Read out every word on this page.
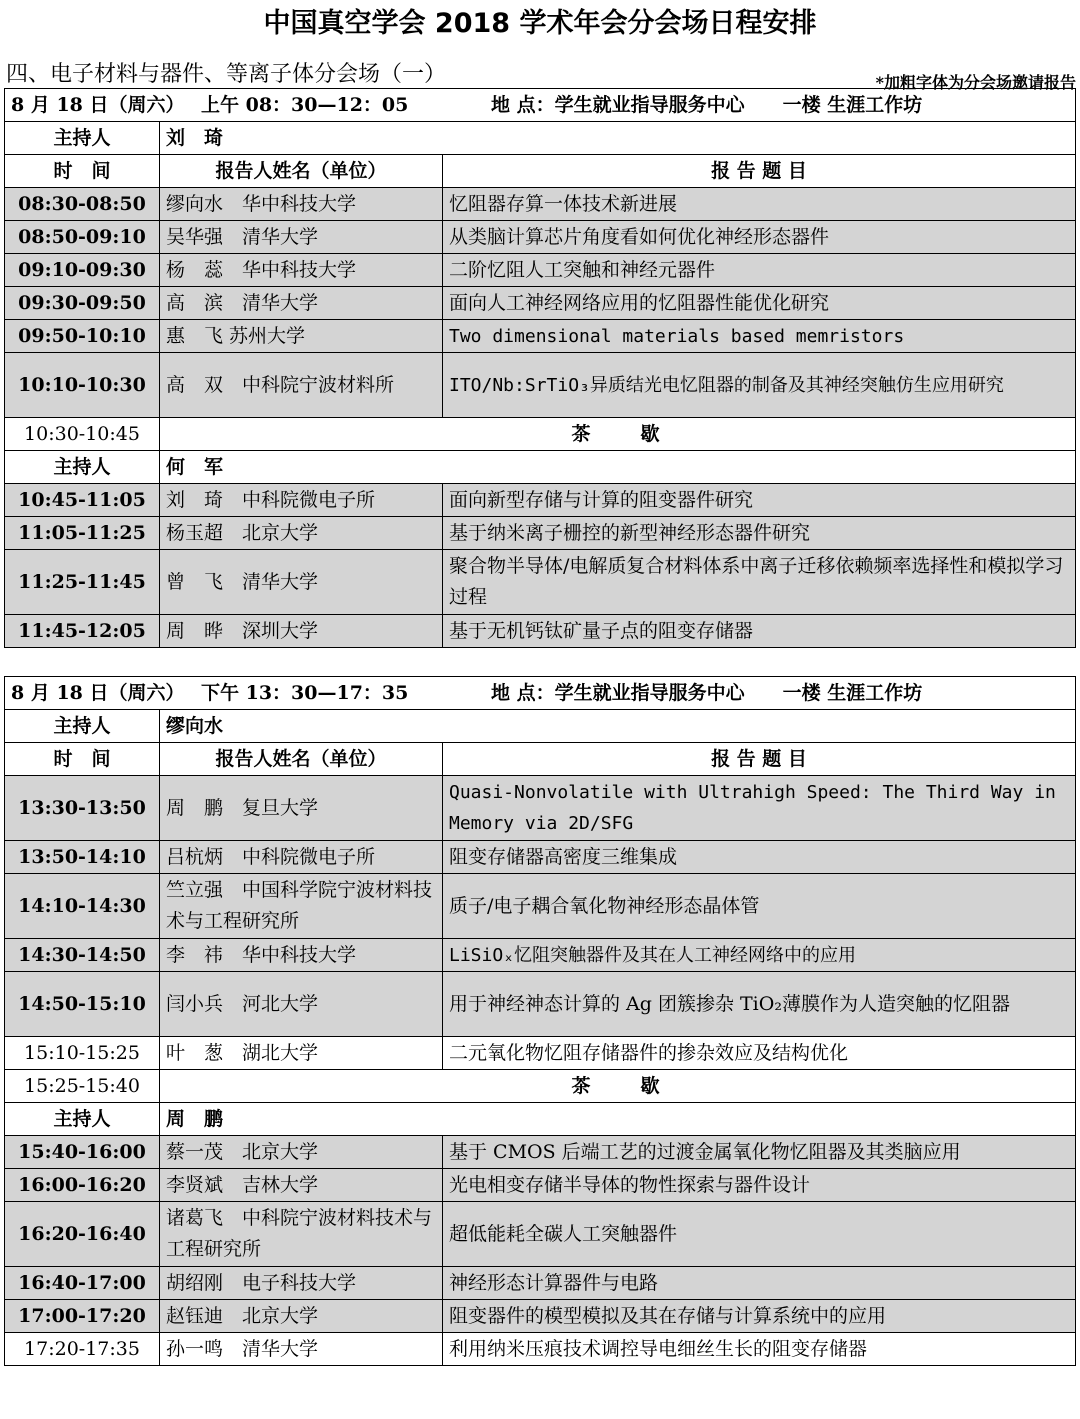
中国真空学会 2018 学术年会分会场日程安排
四、电子材料与器件、等离子体分会场（一）	*加粗字体为分会场邀请报告
8 月 18 日（周六） 上午 08：30—12：05 地 点：学生就业指导服务中心　　一楼 生涯工作坊		
主持人	刘　琦	
时　间	报告人姓名（单位）	报 告 题 目
08:30-08:50	缪向水　华中科技大学	忆阻器存算一体技术新进展
08:50-09:10	吴华强　清华大学	从类脑计算芯片角度看如何优化神经形态器件
09:10-09:30	杨　蕊　华中科技大学	二阶忆阻人工突触和神经元器件
09:30-09:50	高　滨　清华大学	面向人工神经网络应用的忆阻器性能优化研究
09:50-10:10	惠　飞 苏州大学	Two dimensional materials based memristors
10:10-10:30	高　双　中科院宁波材料所	ITO/Nb:SrTiO₃异质结光电忆阻器的制备及其神经突触仿生应用研究
10:30-10:45	茶　　歇	
主持人	何　军	
10:45-11:05	刘　琦　中科院微电子所	面向新型存储与计算的阻变器件研究
11:05-11:25	杨玉超　北京大学	基于纳米离子栅控的新型神经形态器件研究
11:25-11:45	曾　飞　清华大学	聚合物半导体/电解质复合材料体系中离子迁移依赖频率选择性和模拟学习过程
11:45-12:05	周　晔　深圳大学	基于无机钙钛矿量子点的阻变存储器
8 月 18 日（周六） 下午 13：30—17：35 地 点：学生就业指导服务中心　　一楼 生涯工作坊		
主持人	缪向水	
时　间	报告人姓名（单位）	报 告 题 目
13:30-13:50	周　鹏　复旦大学	Quasi-Nonvolatile with Ultrahigh Speed: The Third Way in Memory via 2D/SFG
13:50-14:10	吕杭炳　中科院微电子所	阻变存储器高密度三维集成
14:10-14:30	竺立强　中国科学院宁波材料技术与工程研究所	质子/电子耦合氧化物神经形态晶体管
14:30-14:50	李　祎　华中科技大学	LiSiOₓ忆阻突触器件及其在人工神经网络中的应用
14:50-15:10	闫小兵　河北大学	用于神经神态计算的 Ag 团簇掺杂 TiO₂薄膜作为人造突触的忆阻器
15:10-15:25	叶　葱　湖北大学	二元氧化物忆阻存储器件的掺杂效应及结构优化
15:25-15:40	茶　　歇	
主持人	周　鹏	
15:40-16:00	蔡一茂　北京大学	基于 CMOS 后端工艺的过渡金属氧化物忆阻器及其类脑应用
16:00-16:20	李贤斌　吉林大学	光电相变存储半导体的物性探索与器件设计
16:20-16:40	诸葛飞　中科院宁波材料技术与工程研究所	超低能耗全碳人工突触器件
16:40-17:00	胡绍刚　电子科技大学	神经形态计算器件与电路
17:00-17:20	赵钰迪　北京大学	阻变器件的模型模拟及其在存储与计算系统中的应用
17:20-17:35	孙一鸣　清华大学	利用纳米压痕技术调控导电细丝生长的阻变存储器
